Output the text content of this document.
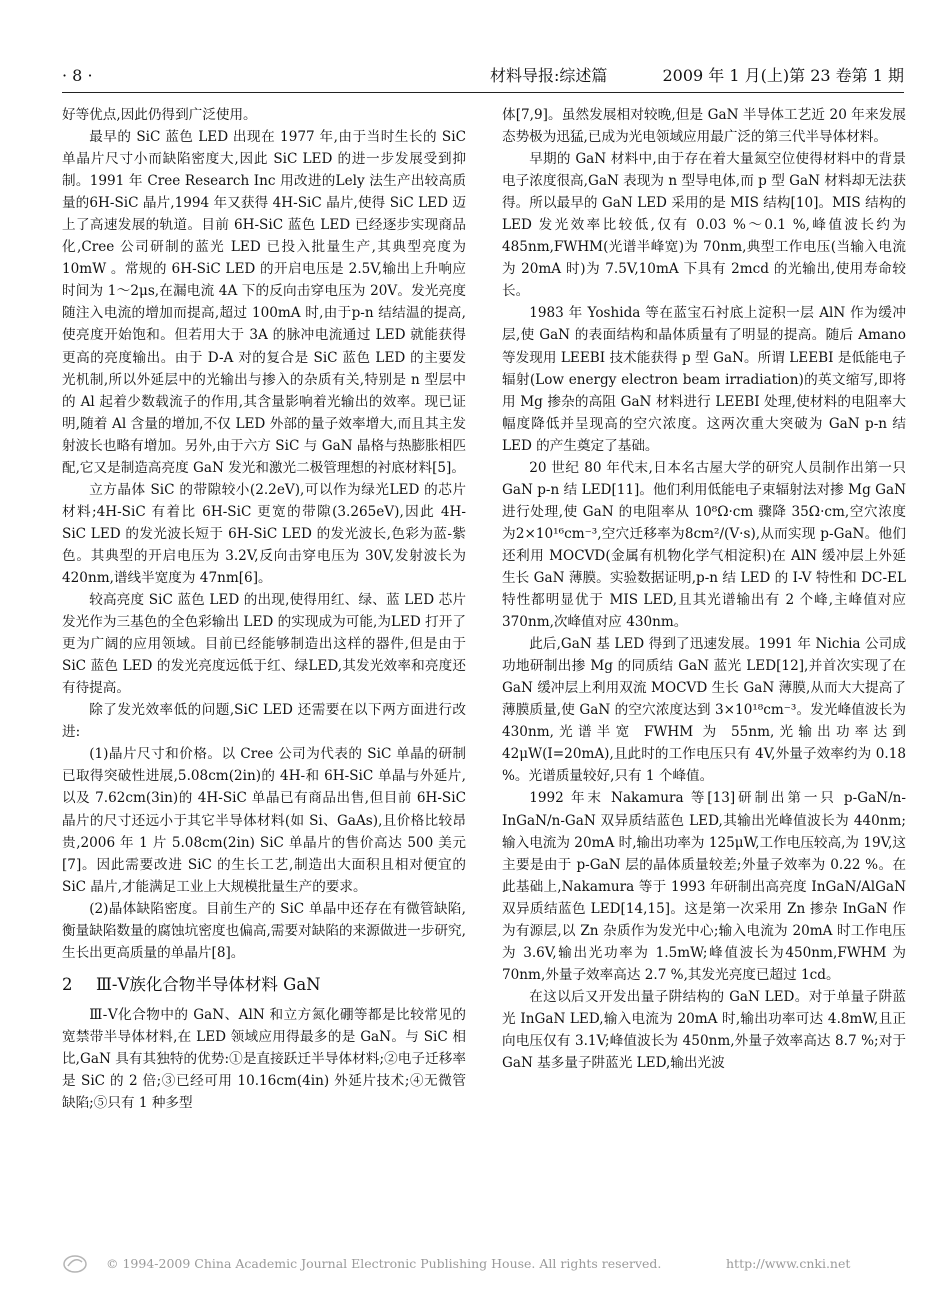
· 8 ·	材料导报:综述篇	2009 年 1 月(上)第 23 卷第 1 期

好等优点,因此仍得到广泛使用。

最早的 SiC 蓝色 LED 出现在 1977 年,由于当时生长的 SiC 单晶片尺寸小而缺陷密度大,因此 SiC LED 的进一步发展受到抑制。1991 年 Cree Research Inc 用改进的Lely 法生产出较高质量的6H-SiC 晶片,1994 年又获得 4H-SiC 晶片,使得 SiC LED 迈上了高速发展的轨道。目前 6H-SiC 蓝色 LED 已经逐步实现商品化,Cree 公司研制的蓝光 LED 已投入批量生产,其典型亮度为 10mW 。常规的 6H-SiC LED 的开启电压是 2.5V,输出上升响应时间为 1～2μs,在漏电流 4A 下的反向击穿电压为 20V。发光亮度随注入电流的增加而提高,超过 100mA 时,由于p-n 结结温的提高,使亮度开始饱和。但若用大于 3A 的脉冲电流通过 LED 就能获得更高的亮度输出。由于 D-A 对的复合是 SiC 蓝色 LED 的主要发光机制,所以外延层中的光输出与掺入的杂质有关,特别是 n 型层中的 Al 起着少数载流子的作用,其含量影响着光输出的效率。现已证明,随着 Al 含量的增加,不仅 LED 外部的量子效率增大,而且其主发射波长也略有增加。另外,由于六方 SiC 与 GaN 晶格与热膨胀相匹配,它又是制造高亮度 GaN 发光和激光二极管理想的衬底材料[5]。

立方晶体 SiC 的带隙较小(2.2eV),可以作为绿光LED 的芯片材料;4H-SiC 有着比 6H-SiC 更宽的带隙(3.265eV),因此 4H-SiC LED 的发光波长短于 6H-SiC LED 的发光波长,色彩为蓝-紫色。其典型的开启电压为 3.2V,反向击穿电压为 30V,发射波长为 420nm,谱线半宽度为 47nm[6]。

较高亮度 SiC 蓝色 LED 的出现,使得用红、绿、蓝 LED 芯片发光作为三基色的全色彩输出 LED 的实现成为可能,为LED 打开了更为广阔的应用领域。目前已经能够制造出这样的器件,但是由于 SiC 蓝色 LED 的发光亮度远低于红、绿LED,其发光效率和亮度还有待提高。

除了发光效率低的问题,SiC LED 还需要在以下两方面进行改进:

(1)晶片尺寸和价格。以 Cree 公司为代表的 SiC 单晶的研制已取得突破性进展,5.08cm(2in)的 4H-和 6H-SiC 单晶与外延片,以及 7.62cm(3in)的 4H-SiC 单晶已有商品出售,但目前 6H-SiC 晶片的尺寸还远小于其它半导体材料(如 Si、GaAs),且价格比较昂贵,2006 年 1 片 5.08cm(2in) SiC 单晶片的售价高达 500 美元[7]。因此需要改进 SiC 的生长工艺,制造出大面积且相对便宜的 SiC 晶片,才能满足工业上大规模批量生产的要求。

(2)晶体缺陷密度。目前生产的 SiC 单晶中还存在有微管缺陷,衡量缺陷数量的腐蚀坑密度也偏高,需要对缺陷的来源做进一步研究,生长出更高质量的单晶片[8]。

2 Ⅲ-Ⅴ族化合物半导体材料 GaN

Ⅲ-Ⅴ化合物中的 GaN、AlN 和立方氮化硼等都是比较常见的宽禁带半导体材料,在 LED 领域应用得最多的是 GaN。与 SiC 相比,GaN 具有其独特的优势:①是直接跃迁半导体材料;②电子迁移率是 SiC 的 2 倍;③已经可用 10.16cm(4in) 外延片技术;④无微管缺陷;⑤只有 1 种多型

体[7,9]。虽然发展相对较晚,但是 GaN 半导体工艺近 20 年来发展态势极为迅猛,已成为光电领域应用最广泛的第三代半导体材料。

早期的 GaN 材料中,由于存在着大量氮空位使得材料中的背景电子浓度很高,GaN 表现为 n 型导电体,而 p 型 GaN 材料却无法获得。所以最早的 GaN LED 采用的是 MIS 结构[10]。MIS 结构的LED 发光效率比较低,仅有 0.03 %～0.1 %,峰值波长约为 485nm,FWHM(光谱半峰宽)为 70nm,典型工作电压(当输入电流为 20mA 时)为 7.5V,10mA 下具有 2mcd 的光输出,使用寿命较长。

1983 年 Yoshida 等在蓝宝石衬底上淀积一层 AlN 作为缓冲层,使 GaN 的表面结构和晶体质量有了明显的提高。随后 Amano 等发现用 LEEBI 技术能获得 p 型 GaN。所谓 LEEBI 是低能电子辐射(Low energy electron beam irradiation)的英文缩写,即将用 Mg 掺杂的高阻 GaN 材料进行 LEEBI 处理,使材料的电阻率大幅度降低并呈现高的空穴浓度。这两次重大突破为 GaN p-n 结 LED 的产生奠定了基础。

20 世纪 80 年代末,日本名古屋大学的研究人员制作出第一只 GaN p-n 结 LED[11]。他们利用低能电子束辐射法对掺 Mg GaN 进行处理,使 GaN 的电阻率从 10⁸Ω·cm 骤降 35Ω·cm,空穴浓度为2×10¹⁶cm⁻³,空穴迁移率为8cm²/(V·s),从而实现 p-GaN。他们还利用 MOCVD(金属有机物化学气相淀积)在 AlN 缓冲层上外延生长 GaN 薄膜。实验数据证明,p-n 结 LED 的 I-V 特性和 DC-EL 特性都明显优于 MIS LED,且其光谱输出有 2 个峰,主峰值对应 370nm,次峰值对应 430nm。

此后,GaN 基 LED 得到了迅速发展。1991 年 Nichia 公司成功地研制出掺 Mg 的同质结 GaN 蓝光 LED[12],并首次实现了在 GaN 缓冲层上利用双流 MOCVD 生长 GaN 薄膜,从而大大提高了薄膜质量,使 GaN 的空穴浓度达到 3×10¹⁸cm⁻³。发光峰值波长为 430nm,光谱半宽 FWHM 为 55nm,光输出功率达到 42μW(I=20mA),且此时的工作电压只有 4V,外量子效率约为 0.18 %。光谱质量较好,只有 1 个峰值。

1992 年末 Nakamura 等[13]研制出第一只 p-GaN/n-InGaN/n-GaN 双异质结蓝色 LED,其输出光峰值波长为 440nm;输入电流为 20mA 时,输出功率为 125μW,工作电压较高,为 19V,这主要是由于 p-GaN 层的晶体质量较差;外量子效率为 0.22 %。在此基础上,Nakamura 等于 1993 年研制出高亮度 InGaN/AlGaN 双异质结蓝色 LED[14,15]。这是第一次采用 Zn 掺杂 InGaN 作为有源层,以 Zn 杂质作为发光中心;输入电流为 20mA 时工作电压为 3.6V,输出光功率为 1.5mW;峰值波长为450nm,FWHM 为 70nm,外量子效率高达 2.7 %,其发光亮度已超过 1cd。

在这以后又开发出量子阱结构的 GaN LED。对于单量子阱蓝光 InGaN LED,输入电流为 20mA 时,输出功率可达 4.8mW,且正向电压仅有 3.1V;峰值波长为 450nm,外量子效率高达 8.7 %;对于 GaN 基多量子阱蓝光 LED,输出光波

© 1994-2009 China Academic Journal Electronic Publishing House. All rights reserved.	http://www.cnki.net
